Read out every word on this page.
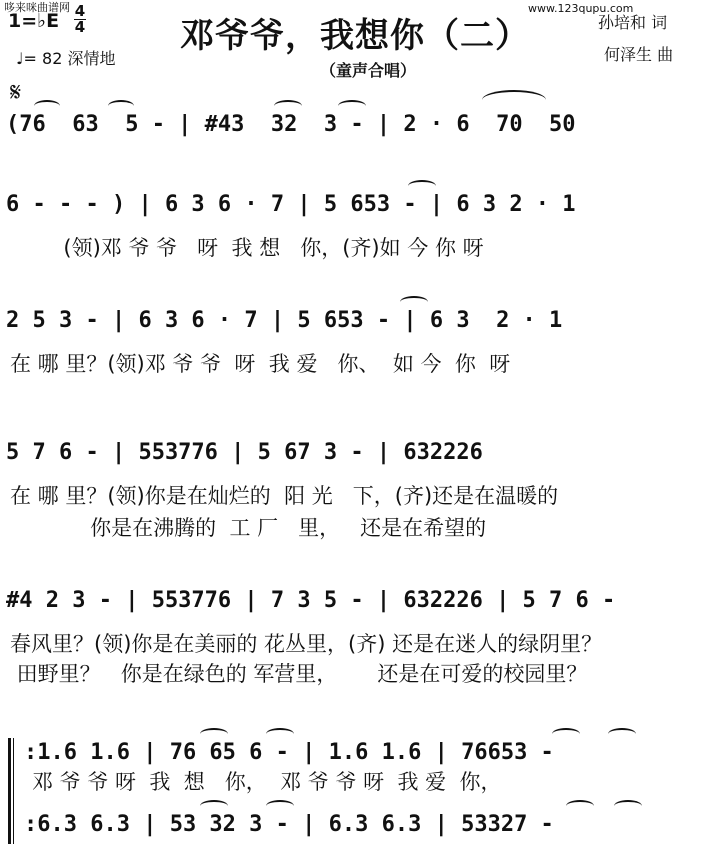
哆来咪曲谱网	www.123qupu.com
1=♭E 4
4
♩= 82 深情地
邓爷爷，我想你（二）
（童声合唱）
孙培和 词
何泽生 曲
𝄋
(76  63  5 - | #43  32  3 - | 2 · 6  70  50
6 - - - ) | 6 3 6 · 7 | 5 653 - | 6 3 2 · 1
(领)邓 爷 爷   呀  我 想   你，(齐)如 今 你 呀
2 5 3 - | 6 3 6 · 7 | 5 653 - | 6 3  2 · 1
在 哪 里？(领)邓 爷 爷  呀  我 爱   你、  如 今  你  呀
5 7 6 - | 553776 | 5 67 3 - | 632226
在 哪 里？(领)你是在灿烂的  阳 光   下，(齐)还是在温暖的
你是在沸腾的  工 厂   里，   还是在希望的
#4 2 3 - | 553776 | 7 3 5 - | 632226 | 5 7 6 -
春风里？(领)你是在美丽的 花丛里，(齐) 还是在迷人的绿阴里？
田野里？   你是在绿色的 军营里，      还是在可爱的校园里？
:1.6 1.6 | 76 65 6 - | 1.6 1.6 | 76653 -
邓 爷 爷 呀  我  想   你，  邓 爷 爷 呀  我 爱  你，
:6.3 6.3 | 53 32 3 - | 6.3 6.3 | 53327 -
